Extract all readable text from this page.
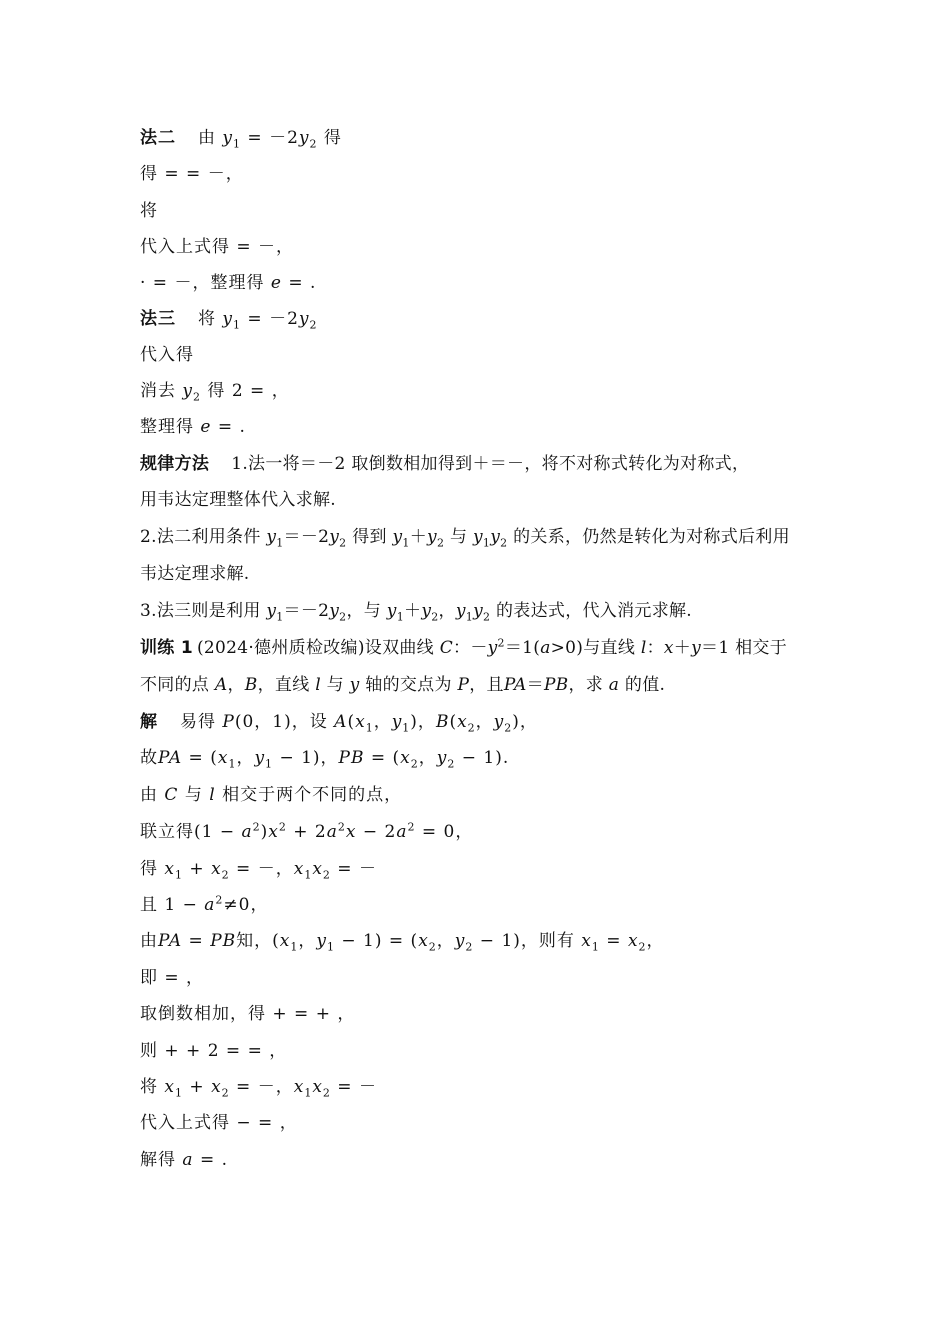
法二 由 $y_1 = -2y_2$ 得

得 = = －，

将

代入上式得 = －，

· = －，整理得 e = .

法三 将 $y_1 = -2y_2$

代入得

消去 $y_2$ 得 2 = ，

整理得 e = .

规律方法 1.法一将＝－2 取倒数相加得到＋＝－，将不对称式转化为对称式，

用韦达定理整体代入求解.

2.法二利用条件 $y_1=-2y_2$ 得到 $y_1+y_2$ 与 $y_1y_2$ 的关系，仍然是转化为对称式后利用

韦达定理求解.

3.法三则是利用 $y_1=-2y_2$，与 $y_1+y_2$，$y_1y_2$ 的表达式，代入消元求解.

训练 1 (2024·德州质检改编)设双曲线 C：$-y^2=1(a>0)$与直线 l：x＋y＝1 相交于

不同的点 A，B，直线 l 与 y 轴的交点为 P，且PA＝PB，求 a 的值.

解 易得 P(0，1)，设 $A(x_1$，$y_1$)，$B(x_2$，$y_2$)，

故PA = ($x_1$，$y_1 - 1$)，PB = ($x_2$，$y_2 - 1$).

由 C 与 l 相交于两个不同的点，

联立得$(1 - a^2)x^2 + 2a^2x - 2a^2 = 0$，

得 $x_1 + x_2$ = －，$x_1x_2$ = －

且 $1 - a^2\ne 0$，

由PA = PB知，($x_1$，$y_1 - 1) = (x_2$，$y_2 - 1$)，则有 $x_1 = x_2$，

即 = ，

取倒数相加，得 + = + ，

则 + + 2 = = ，

将 $x_1 + x_2$ = －，$x_1x_2$ = －

代入上式得 − = ，

解得 a = .
